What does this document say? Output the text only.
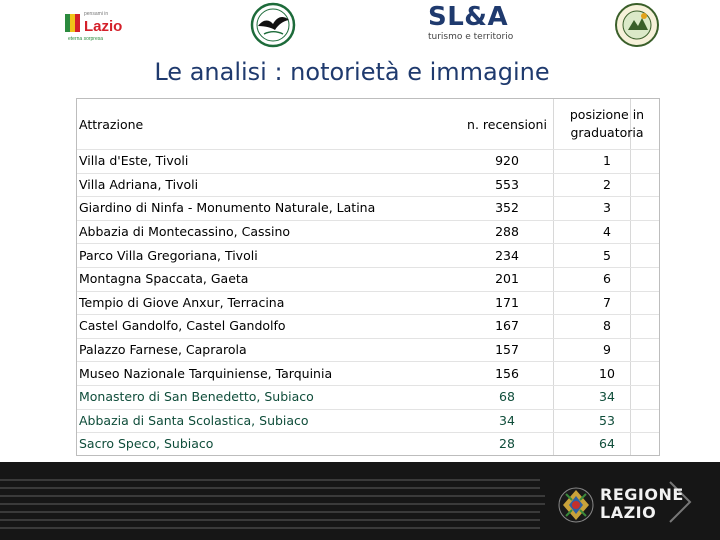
pensami in
Lazio
eterna sorpresa
SL&A
turismo e territorio
Le analisi : notorietà e immagine
Attrazione	n. recensioni
posizione in
graduatoria
Villa d'Este, Tivoli	920	1
Villa Adriana, Tivoli	553	2
Giardino di Ninfa - Monumento Naturale, Latina	352	3
Abbazia di Montecassino, Cassino	288	4
Parco Villa Gregoriana, Tivoli	234	5
Montagna Spaccata, Gaeta	201	6
Tempio di Giove Anxur, Terracina	171	7
Castel Gandolfo, Castel Gandolfo	167	8
Palazzo Farnese, Caprarola	157	9
Museo Nazionale Tarquiniense, Tarquinia	156	10
Monastero di San Benedetto, Subiaco	68	34
Abbazia di Santa Scolastica, Subiaco	34	53
Sacro Speco, Subiaco	28	64
REGIONE
LAZIO
